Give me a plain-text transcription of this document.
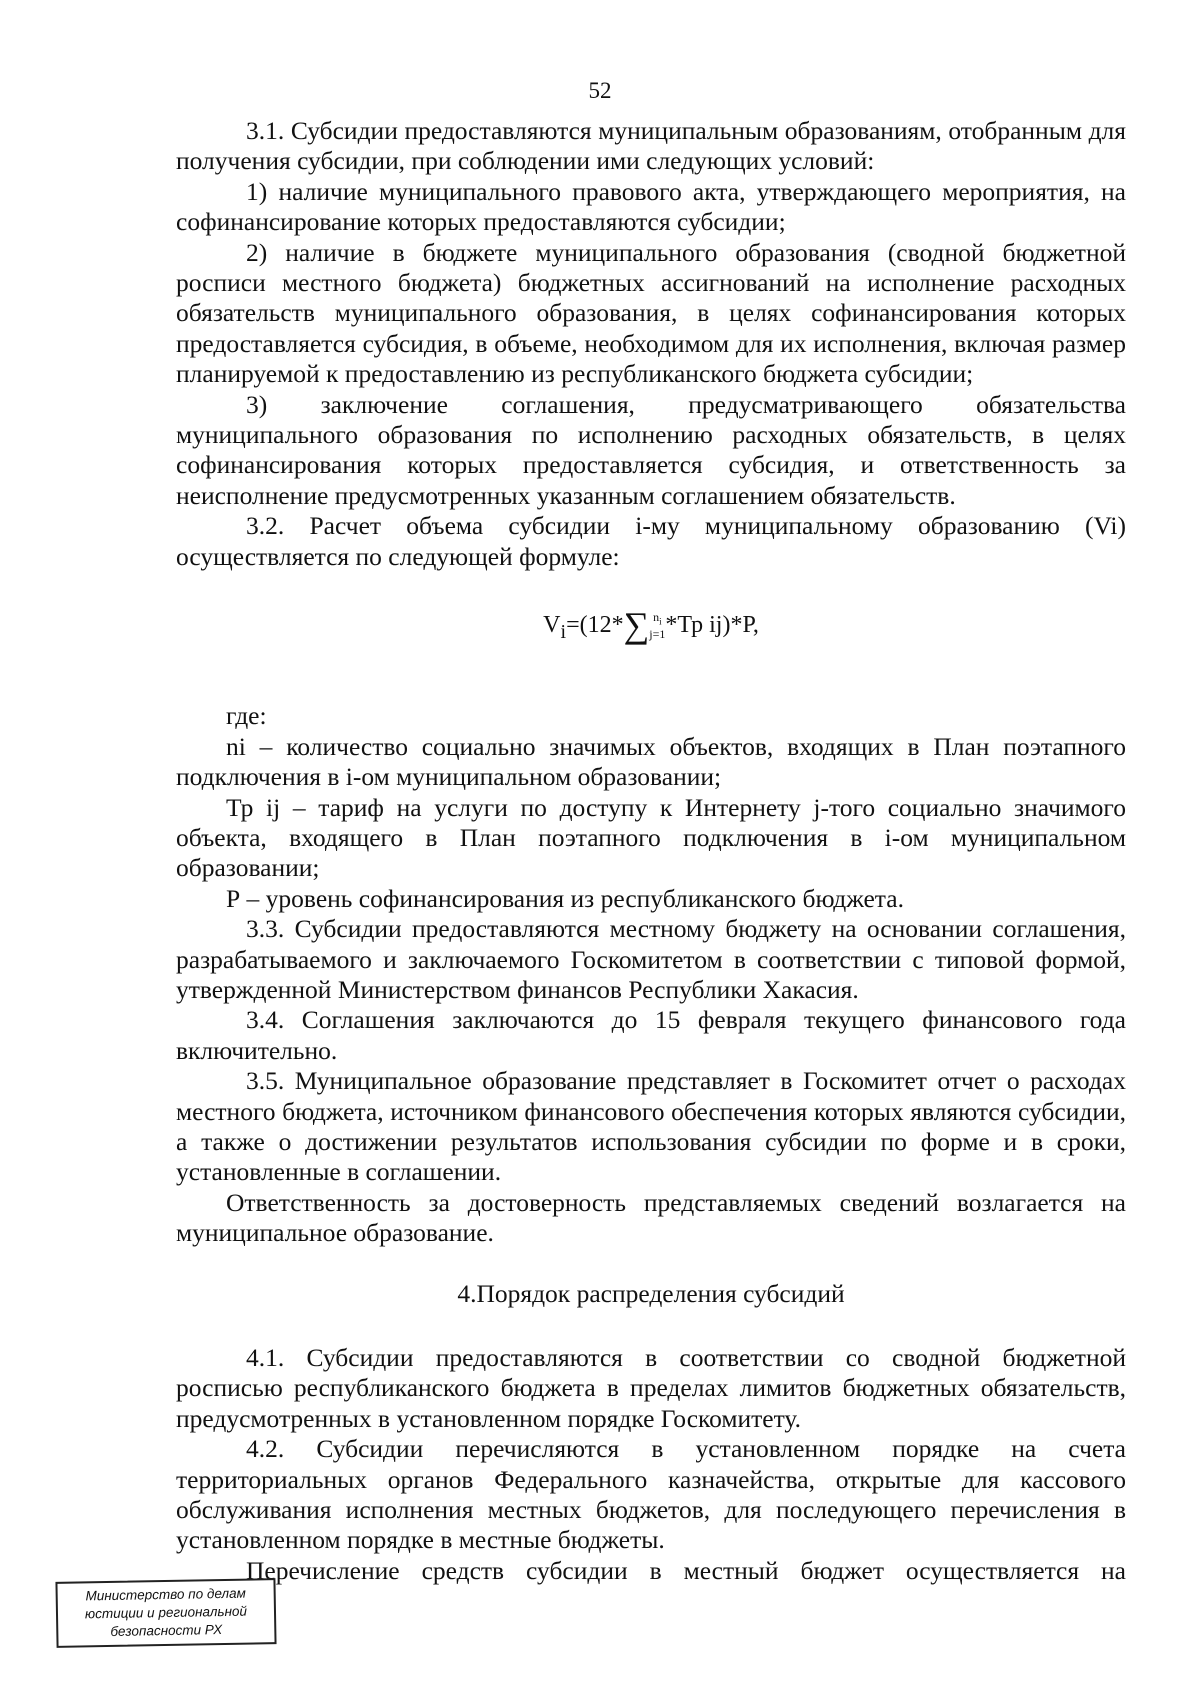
52

3.1. Субсидии предоставляются муниципальным образованиям, отобранным для получения субсидии, при соблюдении ими следующих условий:

1) наличие муниципального правового акта, утверждающего мероприятия, на софинансирование которых предоставляются субсидии;

2) наличие в бюджете муниципального образования (сводной бюджетной росписи местного бюджета) бюджетных ассигнований на исполнение расходных обязательств муниципального образования, в целях софинансирования которых предоставляется субсидия, в объеме, необходимом для их исполнения, включая размер планируемой к предоставлению из республиканского бюджета субсидии;

3) заключение соглашения, предусматривающего обязательства муниципального образования по исполнению расходных обязательств, в целях софинансирования которых предоставляется субсидия, и ответственность за неисполнение предусмотренных указанным соглашением обязательств.

3.2. Расчет объема субсидии i-му муниципальному образованию (Vi) осуществляется по следующей формуле:

$V_i=(12*\sum$ $n_i$
j=1 *Тр ij)*Р,

где:

ni – количество социально значимых объектов, входящих в План поэтапного подключения в i-ом муниципальном образовании;

Тр ij – тариф на услуги по доступу к Интернету j-того социально значимого объекта, входящего в План поэтапного подключения в i-ом муниципальном образовании;

Р – уровень софинансирования из республиканского бюджета.

3.3. Субсидии предоставляются местному бюджету на основании соглашения, разрабатываемого и заключаемого Госкомитетом в соответствии с типовой формой, утвержденной Министерством финансов Республики Хакасия.

3.4. Соглашения заключаются до 15 февраля текущего финансового года включительно.

3.5. Муниципальное образование представляет в Госкомитет отчет о расходах местного бюджета, источником финансового обеспечения которых являются субсидии, а также о достижении результатов использования субсидии по форме и в сроки, установленные в соглашении.

Ответственность за достоверность представляемых сведений возлагается на муниципальное образование.

4.Порядок распределения субсидий

4.1. Субсидии предоставляются в соответствии со сводной бюджетной росписью республиканского бюджета в пределах лимитов бюджетных обязательств, предусмотренных в установленном порядке Госкомитету.

4.2. Субсидии перечисляются в установленном порядке на счета территориальных органов Федерального казначейства, открытые для кассового обслуживания исполнения местных бюджетов, для последующего перечисления в установленном порядке в местные бюджеты.

Перечисление средств субсидии в местный бюджет осуществляется на

Министерство по делам
юстиции и региональной
безопасности РХ
